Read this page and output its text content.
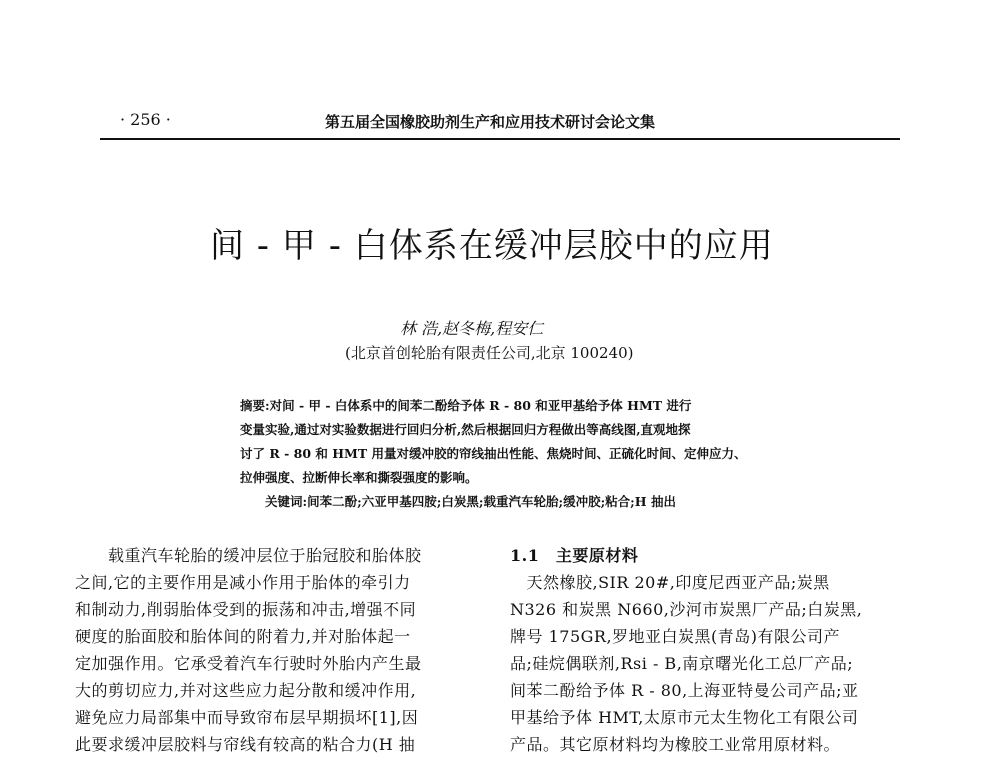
· 256 ·	第五届全国橡胶助剂生产和应用技术研讨会论文集
间 - 甲 - 白体系在缓冲层胶中的应用
林 浩,赵冬梅,程安仁
(北京首创轮胎有限责任公司,北京 100240)
摘要:对间 - 甲 - 白体系中的间苯二酚给予体 R - 80 和亚甲基给予体 HMT 进行
变量实验,通过对实验数据进行回归分析,然后根据回归方程做出等高线图,直观地探
讨了 R - 80 和 HMT 用量对缓冲胶的帘线抽出性能、焦烧时间、正硫化时间、定伸应力、
拉伸强度、拉断伸长率和撕裂强度的影响。
关键词:间苯二酚;六亚甲基四胺;白炭黑;载重汽车轮胎;缓冲胶;粘合;H 抽出
　　载重汽车轮胎的缓冲层位于胎冠胶和胎体胶
之间,它的主要作用是减小作用于胎体的牵引力
和制动力,削弱胎体受到的振荡和冲击,增强不同
硬度的胎面胶和胎体间的附着力,并对胎体起一
定加强作用。它承受着汽车行驶时外胎内产生最
大的剪切应力,并对这些应力起分散和缓冲作用,
避免应力局部集中而导致帘布层早期损坏[1],因
此要求缓冲层胶料与帘线有较高的粘合力(H 抽
1.1　主要原材料
　天然橡胶,SIR 20#,印度尼西亚产品;炭黑
N326 和炭黑 N660,沙河市炭黑厂产品;白炭黑,
牌号 175GR,罗地亚白炭黑(青岛)有限公司产
品;硅烷偶联剂,Rsi - B,南京曙光化工总厂产品;
间苯二酚给予体 R - 80,上海亚特曼公司产品;亚
甲基给予体 HMT,太原市元太生物化工有限公司
产品。其它原材料均为橡胶工业常用原材料。
